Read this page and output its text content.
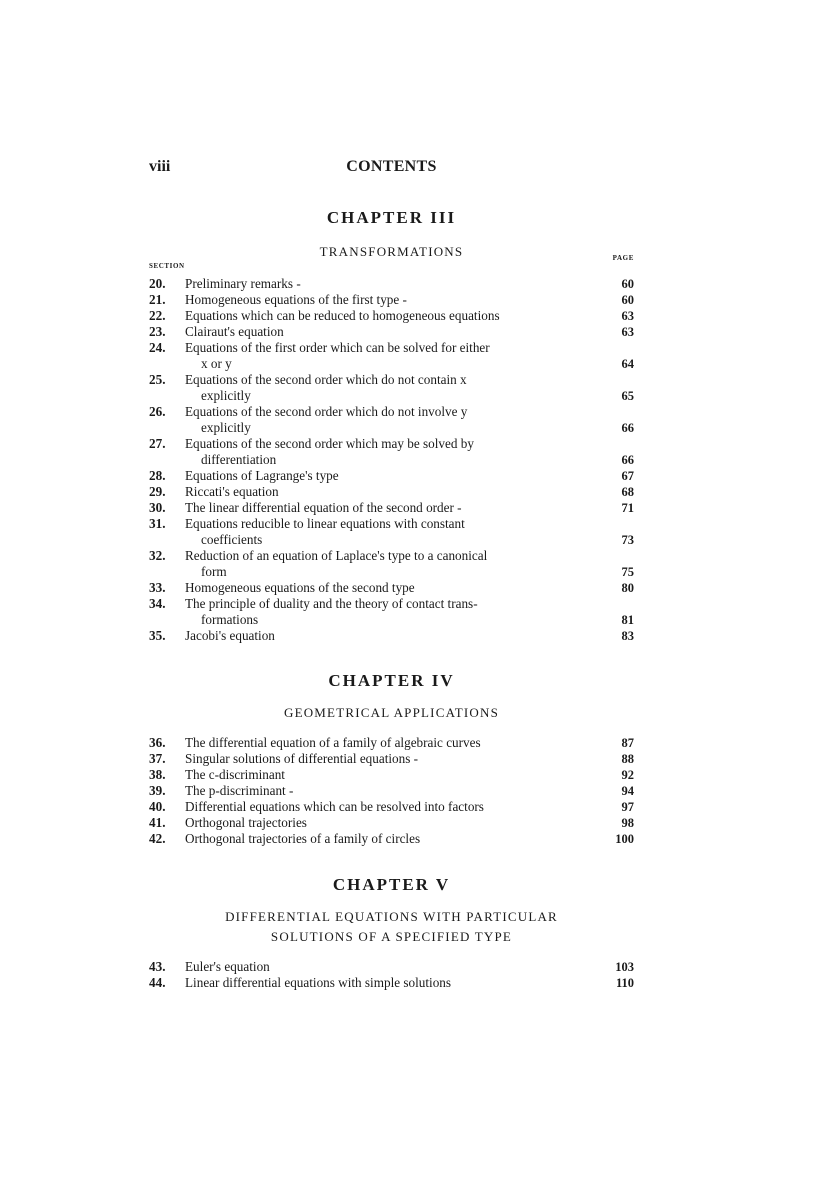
viii	CONTENTS
CHAPTER III
TRANSFORMATIONS
SECTION
PAGE
20. Preliminary remarks -	60
21. Homogeneous equations of the first type -	60
22. Equations which can be reduced to homogeneous equations	63
23. Clairaut's equation	63
24. Equations of the first order which can be solved for either
x or y	64
25. Equations of the second order which do not contain x
explicitly	65
26. Equations of the second order which do not involve y
explicitly	66
27. Equations of the second order which may be solved by
differentiation	66
28. Equations of Lagrange's type	67
29. Riccati's equation	68
30. The linear differential equation of the second order -	71
31. Equations reducible to linear equations with constant
coefficients	73
32. Reduction of an equation of Laplace's type to a canonical
form	75
33. Homogeneous equations of the second type	80
34. The principle of duality and the theory of contact trans-
formations	81
35. Jacobi's equation	83
CHAPTER IV
GEOMETRICAL APPLICATIONS
36. The differential equation of a family of algebraic curves	87
37. Singular solutions of differential equations -	88
38. The c-discriminant	92
39. The p-discriminant -	94
40. Differential equations which can be resolved into factors	97
41. Orthogonal trajectories	98
42. Orthogonal trajectories of a family of circles	100
CHAPTER V
DIFFERENTIAL EQUATIONS WITH PARTICULAR
SOLUTIONS OF A SPECIFIED TYPE
43. Euler's equation	103
44. Linear differential equations with simple solutions	110
